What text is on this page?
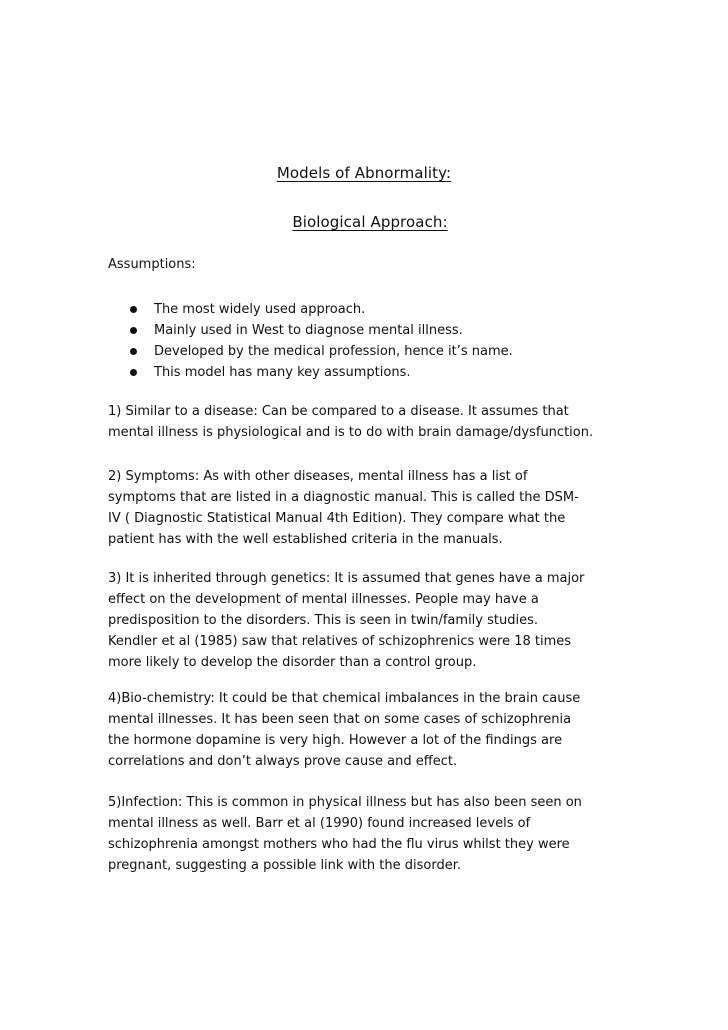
Models of Abnormality:
Biological Approach:
Assumptions:
The most widely used approach.
Mainly used in West to diagnose mental illness.
Developed by the medical profession, hence it’s name.
This model has many key assumptions.

1) Similar to a disease: Can be compared to a disease. It assumes that
mental illness is physiological and is to do with brain damage/dysfunction.

2) Symptoms: As with other diseases, mental illness has a list of
symptoms that are listed in a diagnostic manual. This is called the DSM-
IV ( Diagnostic Statistical Manual 4th Edition). They compare what the
patient has with the well established criteria in the manuals.

3) It is inherited through genetics: It is assumed that genes have a major
effect on the development of mental illnesses. People may have a
predisposition to the disorders. This is seen in twin/family studies.
Kendler et al (1985) saw that relatives of schizophrenics were 18 times
more likely to develop the disorder than a control group.

4)Bio-chemistry: It could be that chemical imbalances in the brain cause
mental illnesses. It has been seen that on some cases of schizophrenia
the hormone dopamine is very high. However a lot of the findings are
correlations and don’t always prove cause and effect.

5)Infection: This is common in physical illness but has also been seen on
mental illness as well. Barr et al (1990) found increased levels of
schizophrenia amongst mothers who had the flu virus whilst they were
pregnant, suggesting a possible link with the disorder.
